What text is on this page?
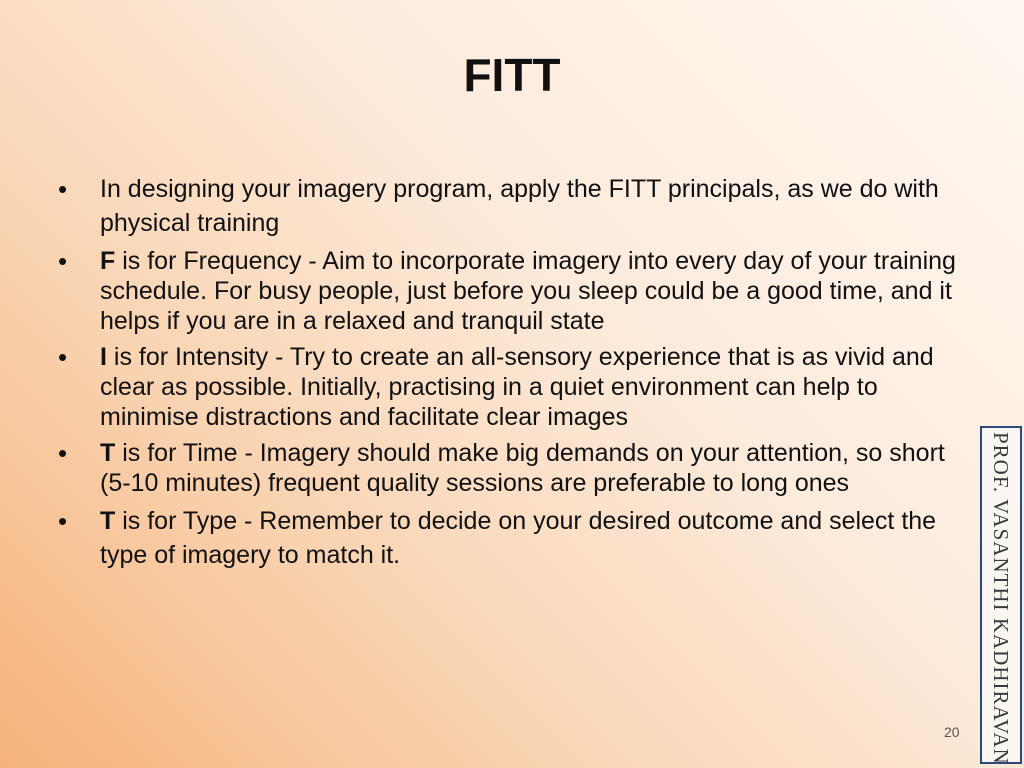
FITT
• In designing your imagery program, apply the FITT principals, as we do with physical training
• F is for Frequency - Aim to incorporate imagery into every day of your training schedule. For busy people, just before you sleep could be a good time, and it helps if you are in a relaxed and tranquil state
• I is for Intensity - Try to create an all-sensory experience that is as vivid and clear as possible. Initially, practising in a quiet environment can help to minimise distractions and facilitate clear images
• T is for Time - Imagery should make big demands on your attention, so short (5-10 minutes) frequent quality sessions are preferable to long ones
• T is for Type - Remember to decide on your desired outcome and select the type of imagery to match it.
20 PROF. VASANTHI KADHIRAVAN
